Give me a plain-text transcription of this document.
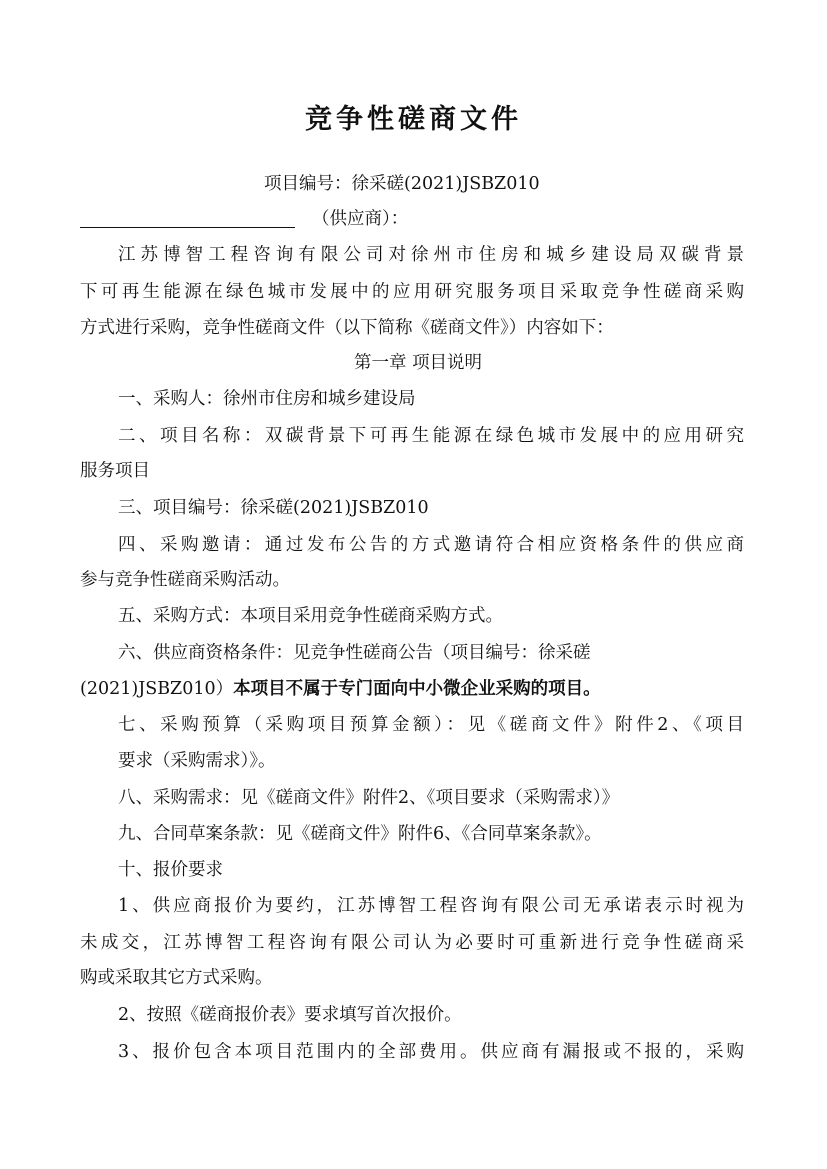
竞争性磋商文件
项目编号：徐采磋(2021)JSBZ010
（供应商）：
江苏博智工程咨询有限公司对徐州市住房和城乡建设局双碳背景
下可再生能源在绿色城市发展中的应用研究服务项目采取竞争性磋商采购
方式进行采购，竞争性磋商文件（以下简称《磋商文件》）内容如下：
第一章 项目说明
一、采购人：徐州市住房和城乡建设局
二、项目名称：双碳背景下可再生能源在绿色城市发展中的应用研究
服务项目
三、项目编号：徐采磋(2021)JSBZ010
四、采购邀请：通过发布公告的方式邀请符合相应资格条件的供应商
参与竞争性磋商采购活动。
五、采购方式：本项目采用竞争性磋商采购方式。
六、供应商资格条件：见竞争性磋商公告（项目编号：徐采磋
(2021)JSBZ010）本项目不属于专门面向中小微企业采购的项目。
七、采购预算（采购项目预算金额）：见《磋商文件》附件2、《项目
要求（采购需求）》。
八、采购需求：见《磋商文件》附件2、《项目要求（采购需求）》
九、合同草案条款：见《磋商文件》附件6、《合同草案条款》。
十、报价要求
1、供应商报价为要约，江苏博智工程咨询有限公司无承诺表示时视为
未成交，江苏博智工程咨询有限公司认为必要时可重新进行竞争性磋商采
购或采取其它方式采购。
2、按照《磋商报价表》要求填写首次报价。
3、报价包含本项目范围内的全部费用。供应商有漏报或不报的，采购
